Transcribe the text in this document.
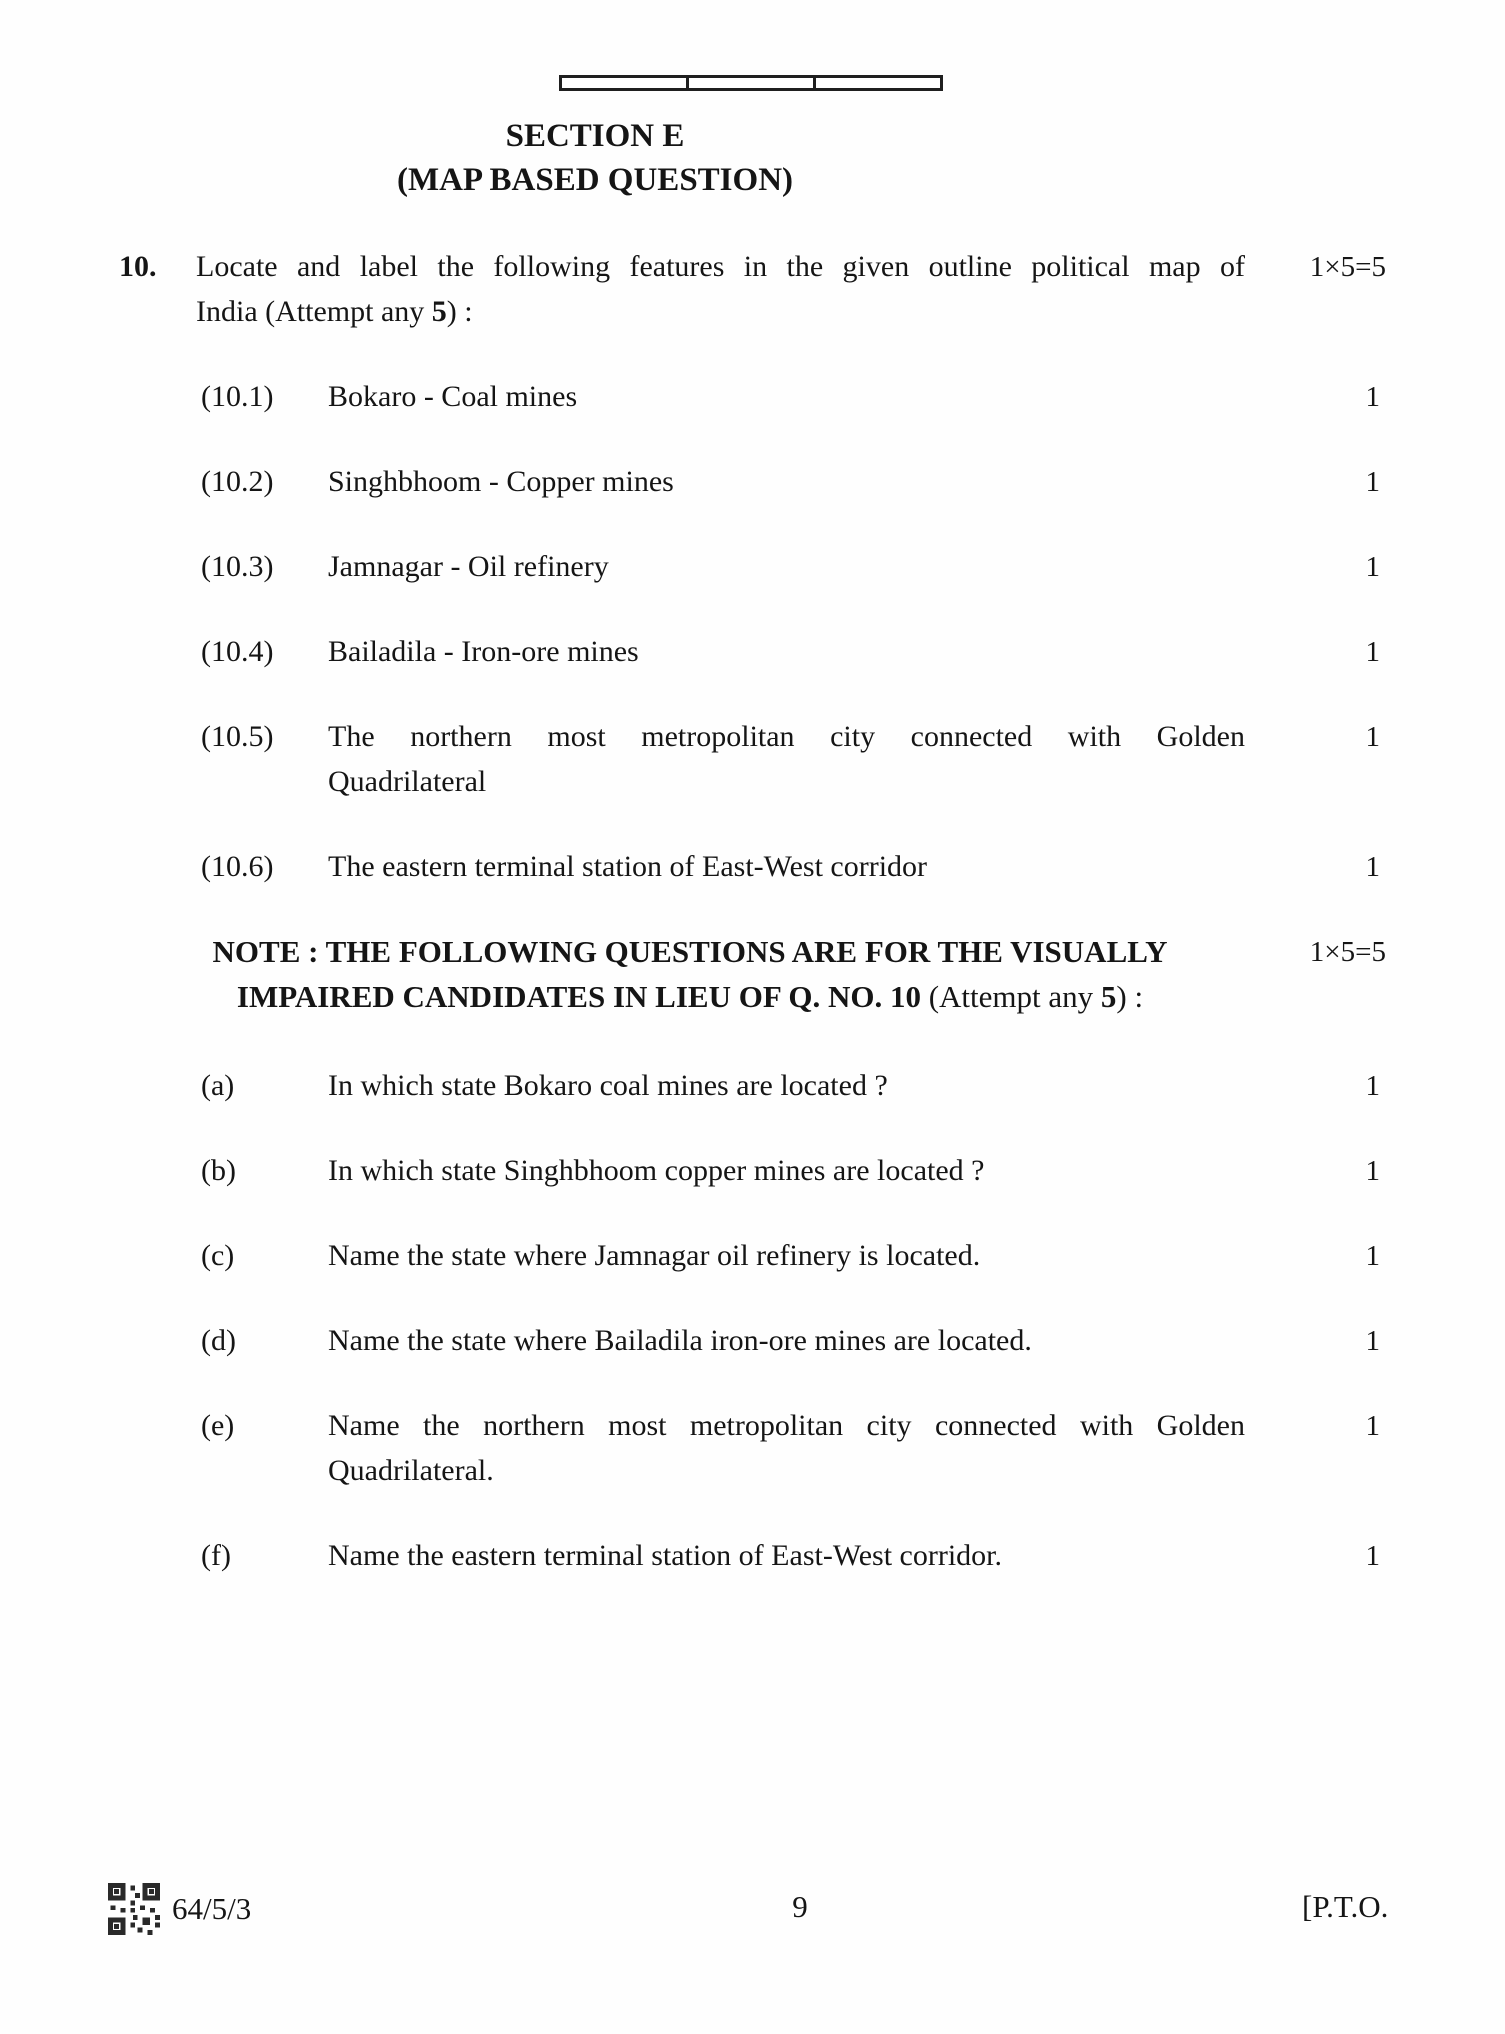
SECTION E
(MAP BASED QUESTION)
10.	Locate and label the following features in the given outline political map of
India (Attempt any 5) :
1×5=5
(10.1) Bokaro - Coal mines	1
(10.2) Singhbhoom - Copper mines	1
(10.3) Jamnagar - Oil refinery	1
(10.4) Bailadila - Iron-ore mines	1
(10.5) The northern most metropolitan city connected with Golden
Quadrilateral
1
(10.6) The eastern terminal station of East-West corridor	1
NOTE : THE FOLLOWING QUESTIONS ARE FOR THE VISUALLY
IMPAIRED CANDIDATES IN LIEU OF Q. NO. 10 (Attempt any 5) :
1×5=5
(a)	In which state Bokaro coal mines are located ?	1
(b)	In which state Singhbhoom copper mines are located ?	1
(c)	Name the state where Jamnagar oil refinery is located.	1
(d)	Name the state where Bailadila iron-ore mines are located.	1
(e)	Name the northern most metropolitan city connected with Golden
Quadrilateral.
1
(f)	Name the eastern terminal station of East-West corridor.	1
64/5/3	9	[P.T.O.
